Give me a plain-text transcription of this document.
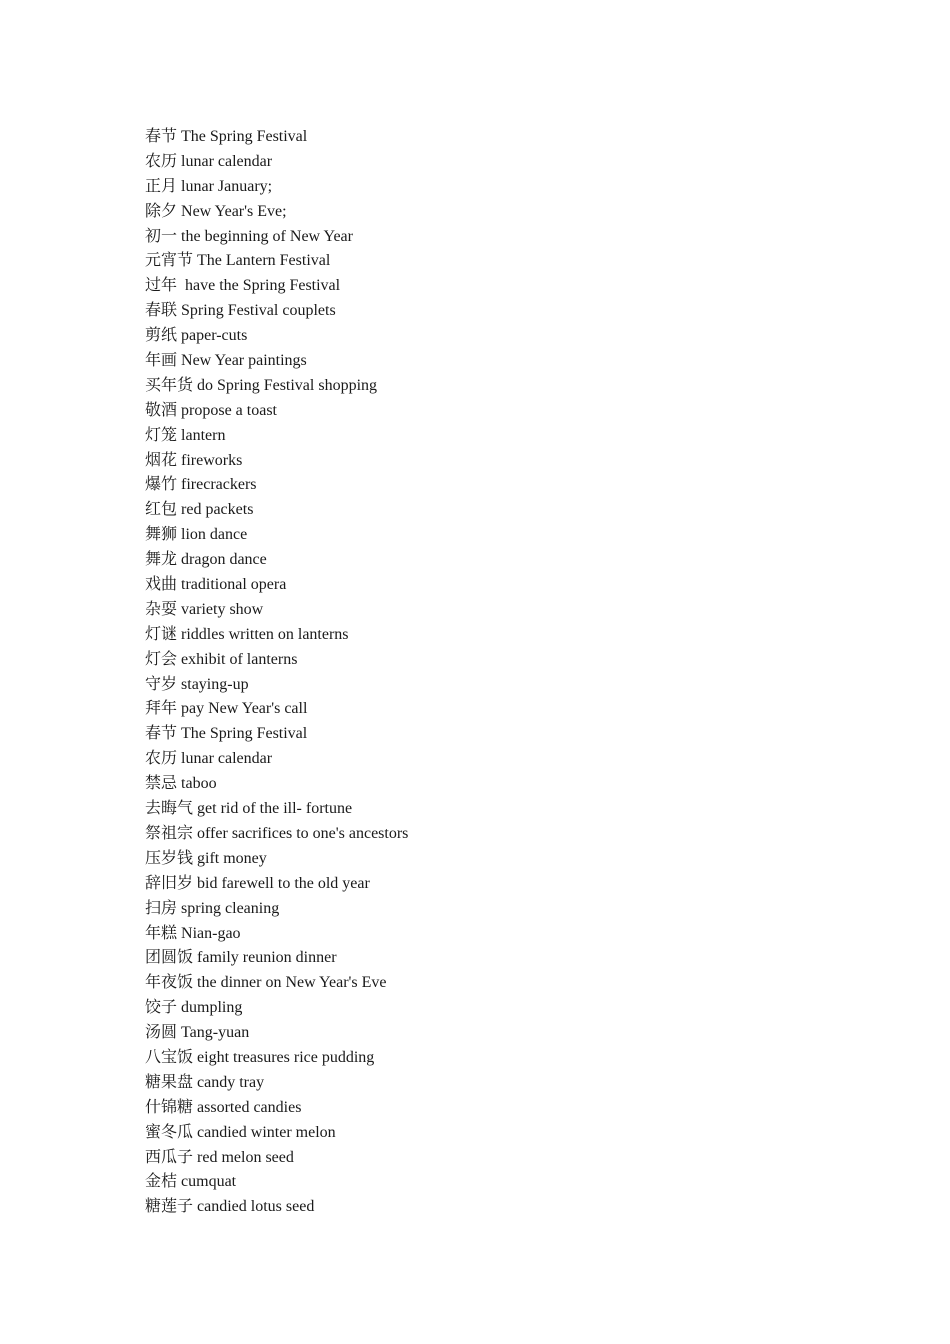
春节 The Spring Festival
农历 lunar calendar
正月 lunar January;
除夕 New Year's Eve;
初一 the beginning of New Year
元宵节 The Lantern Festival
过年  have the Spring Festival
春联 Spring Festival couplets
剪纸 paper-cuts
年画 New Year paintings
买年货 do Spring Festival shopping
敬酒 propose a toast
灯笼 lantern
烟花 fireworks
爆竹 firecrackers
红包 red packets
舞狮 lion dance
舞龙 dragon dance
戏曲 traditional opera
杂耍 variety show
灯谜 riddles written on lanterns
灯会 exhibit of lanterns
守岁 staying-up
拜年 pay New Year's call
春节 The Spring Festival
农历 lunar calendar
禁忌 taboo
去晦气 get rid of the ill- fortune
祭祖宗 offer sacrifices to one's ancestors
压岁钱 gift money
辞旧岁 bid farewell to the old year
扫房 spring cleaning
年糕 Nian-gao
团圆饭 family reunion dinner
年夜饭 the dinner on New Year's Eve
饺子 dumpling
汤圆 Tang-yuan
八宝饭 eight treasures rice pudding
糖果盘 candy tray
什锦糖 assorted candies
蜜冬瓜 candied winter melon
西瓜子 red melon seed
金桔 cumquat
糖莲子 candied lotus seed
